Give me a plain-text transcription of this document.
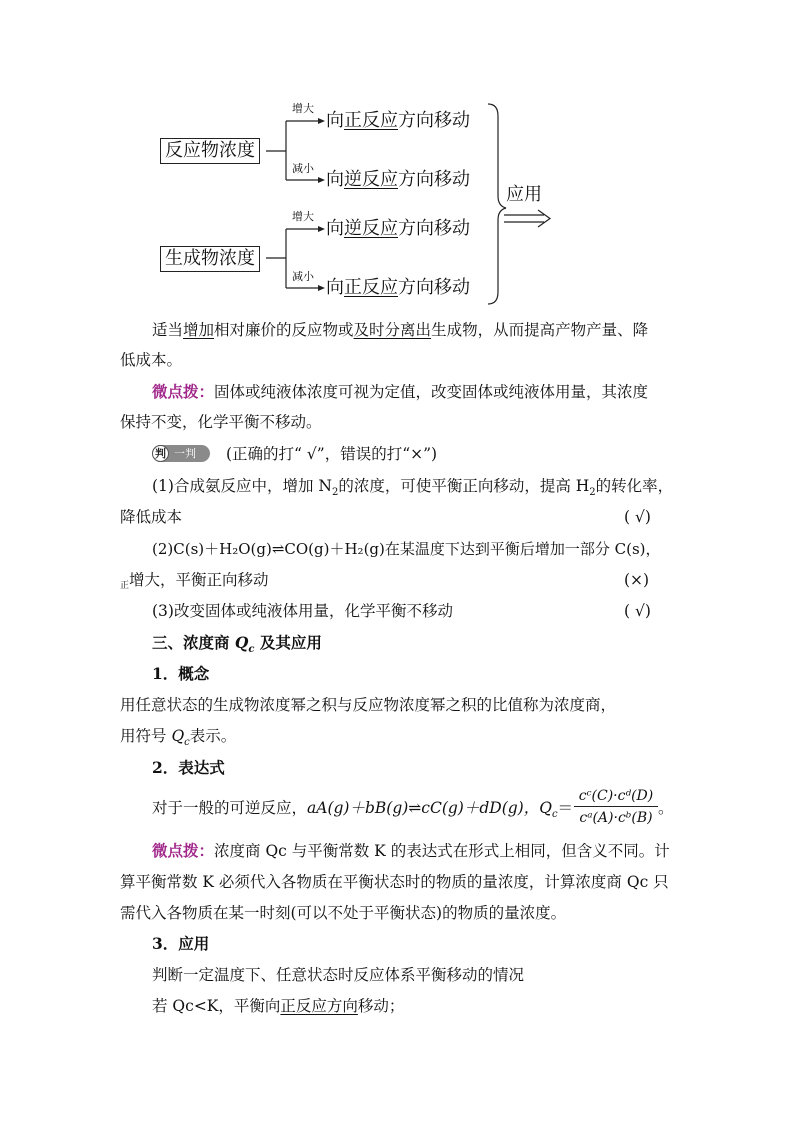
反应物浓度
生成物浓度
增大
减小
增大
减小
向正反应方向移动
向逆反应方向移动
向逆反应方向移动
向正反应方向移动
应用
适当增加相对廉价的反应物或及时分离出生成物，从而提高产物产量、降
低成本。
微点拨：固体或纯液体浓度可视为定值，改变固体或纯液体用量，其浓度
保持不变，化学平衡不移动。
判 一判 (正确的打“ √”，错误的打“×”)
(1)合成氨反应中，增加 $N_2$的浓度，可使平衡正向移动，提高 $H_2$的转化率，
降低成本	( √)
(2)C(s)＋H₂O(g)⇌CO(g)＋H₂(g)在某温度下达到平衡后增加一部分 C(s)，
正增大，平衡正向移动	(×)
(3)改变固体或纯液体用量，化学平衡不移动	( √)
三、浓度商 $Q_c$ 及其应用
1．概念
用任意状态的生成物浓度幂之积与反应物浓度幂之积的比值称为浓度商，
用符号 $Q_c$表示。
2．表达式
对于一般的可逆反应，aA(g)＋bB(g)⇌cC(g)＋dD(g)，$Q_c=$
cᶜ(C)·cᵈ(D)
cᵃ(A)·cᵇ(B)
。
微点拨：浓度商 Qc 与平衡常数 K 的表达式在形式上相同，但含义不同。计
算平衡常数 K 必须代入各物质在平衡状态时的物质的量浓度，计算浓度商 Qc 只
需代入各物质在某一时刻(可以不处于平衡状态)的物质的量浓度。
3．应用
判断一定温度下、任意状态时反应体系平衡移动的情况
若 Qc<K，平衡向正反应方向移动；
